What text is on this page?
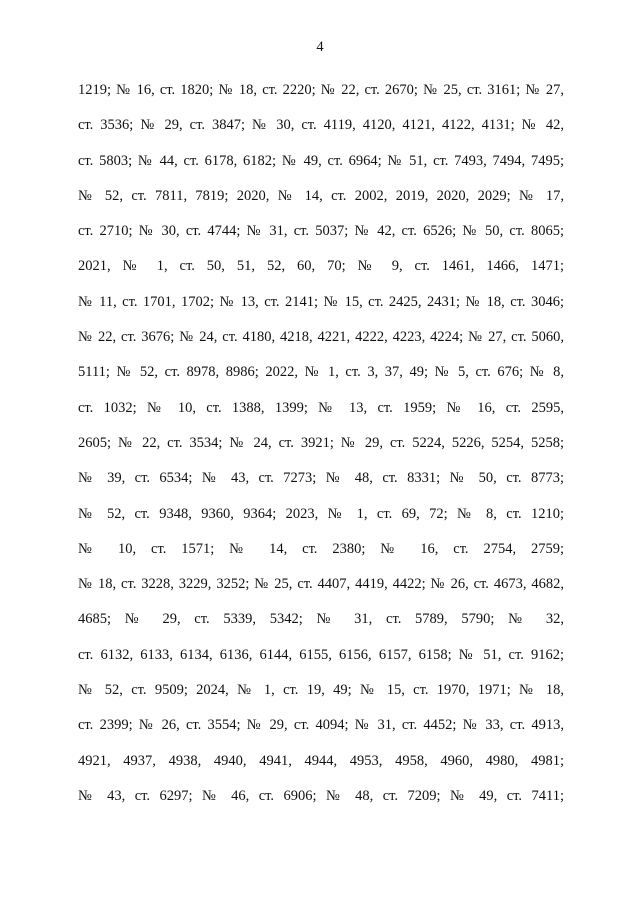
4
1219; № 16, ст. 1820; № 18, ст. 2220; № 22, ст. 2670; № 25, ст. 3161; № 27,
ст. 3536; № 29, ст. 3847; № 30, ст. 4119, 4120, 4121, 4122, 4131; № 42,
ст. 5803; № 44, ст. 6178, 6182; № 49, ст. 6964; № 51, ст. 7493, 7494, 7495;
№ 52, ст. 7811, 7819; 2020, № 14, ст. 2002, 2019, 2020, 2029; № 17,
ст. 2710; № 30, ст. 4744; № 31, ст. 5037; № 42, ст. 6526; № 50, ст. 8065;
2021, № 1, ст. 50, 51, 52, 60, 70; № 9, ст. 1461, 1466, 1471;
№ 11, ст. 1701, 1702; № 13, ст. 2141; № 15, ст. 2425, 2431; № 18, ст. 3046;
№ 22, ст. 3676; № 24, ст. 4180, 4218, 4221, 4222, 4223, 4224; № 27, ст. 5060,
5111; № 52, ст. 8978, 8986; 2022, № 1, ст. 3, 37, 49; № 5, ст. 676; № 8,
ст. 1032; № 10, ст. 1388, 1399; № 13, ст. 1959; № 16, ст. 2595,
2605; № 22, ст. 3534; № 24, ст. 3921; № 29, ст. 5224, 5226, 5254, 5258;
№ 39, ст. 6534; № 43, ст. 7273; № 48, ст. 8331; № 50, ст. 8773;
№ 52, ст. 9348, 9360, 9364; 2023, № 1, ст. 69, 72; № 8, ст. 1210;
№ 10, ст. 1571; № 14, ст. 2380; № 16, ст. 2754, 2759;
№ 18, ст. 3228, 3229, 3252; № 25, ст. 4407, 4419, 4422; № 26, ст. 4673, 4682,
4685; № 29, ст. 5339, 5342; № 31, ст. 5789, 5790; № 32,
ст. 6132, 6133, 6134, 6136, 6144, 6155, 6156, 6157, 6158; № 51, ст. 9162;
№ 52, ст. 9509; 2024, № 1, ст. 19, 49; № 15, ст. 1970, 1971; № 18,
ст. 2399; № 26, ст. 3554; № 29, ст. 4094; № 31, ст. 4452; № 33, ст. 4913,
4921, 4937, 4938, 4940, 4941, 4944, 4953, 4958, 4960, 4980, 4981;
№ 43, ст. 6297; № 46, ст. 6906; № 48, ст. 7209; № 49, ст. 7411;
